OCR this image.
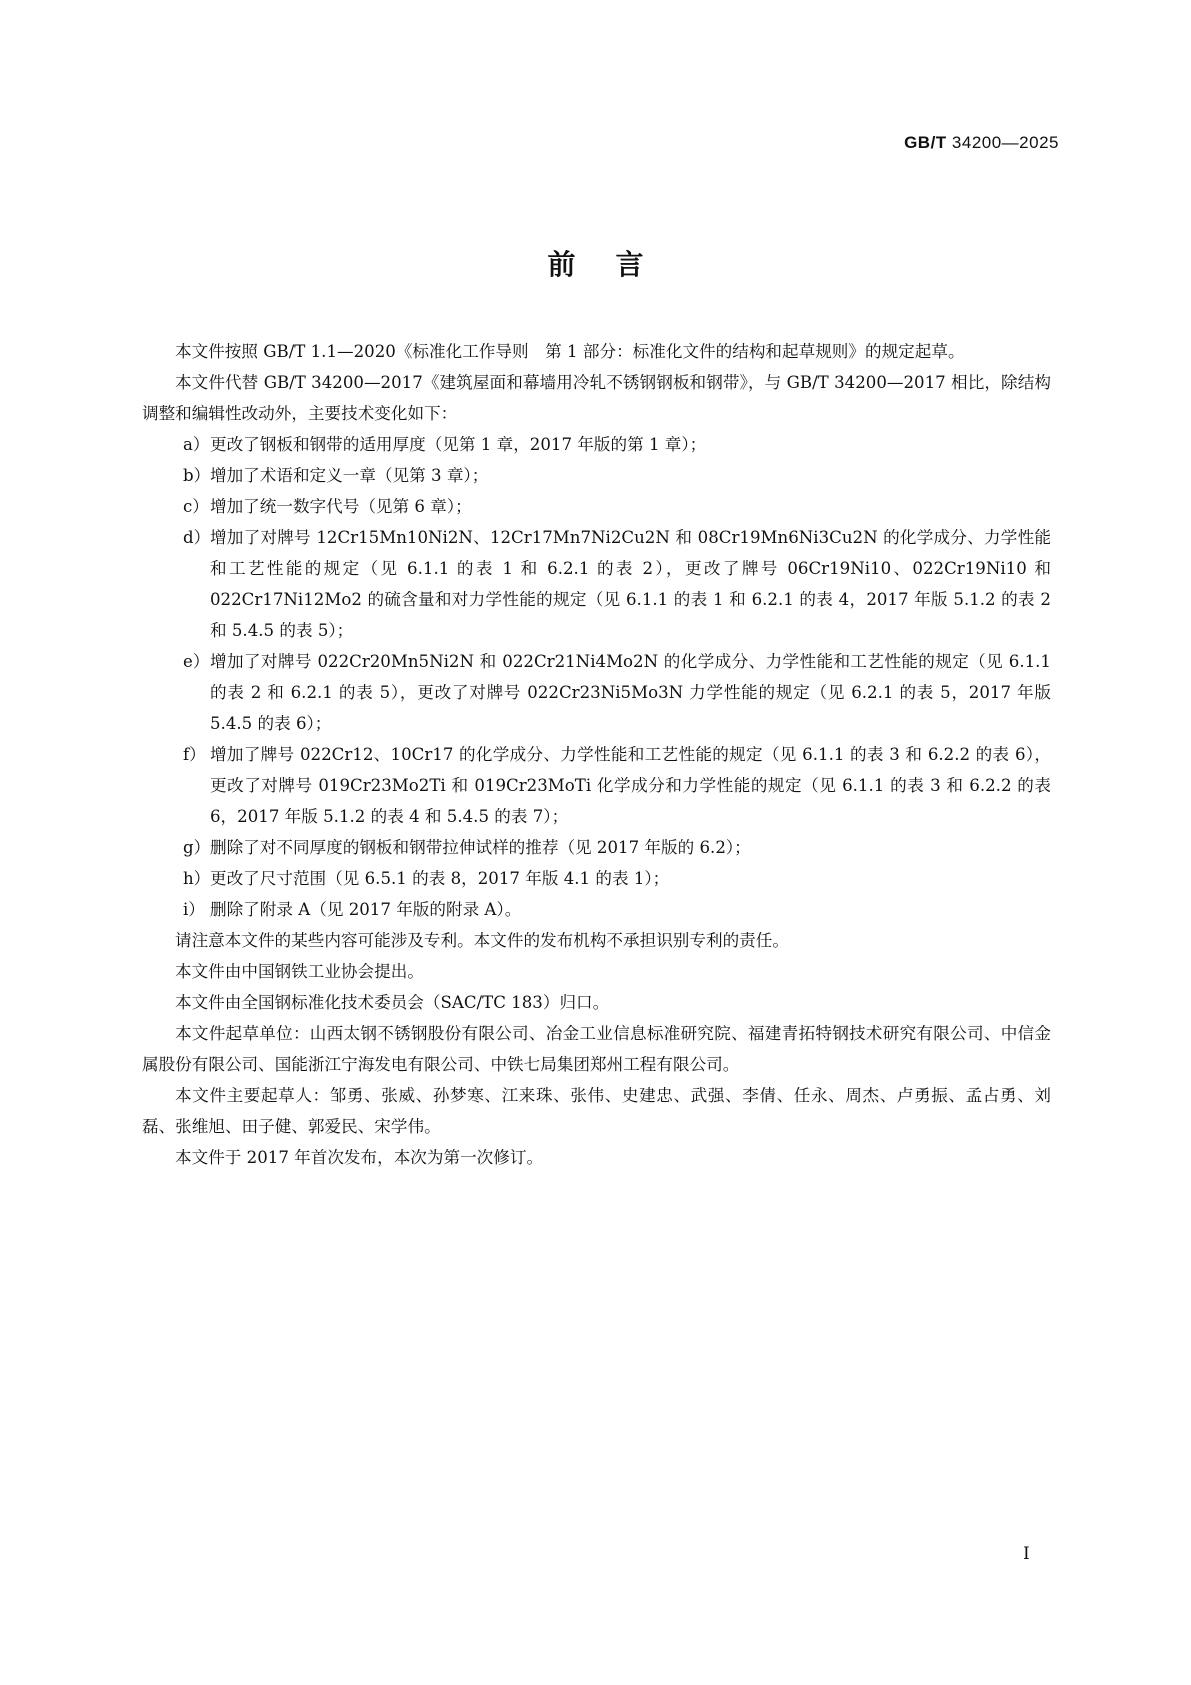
GB/T 34200—2025
前言

本文件按照 GB/T 1.1—2020《标准化工作导则　第 1 部分：标准化文件的结构和起草规则》的规定起草。

本文件代替 GB/T 34200—2017《建筑屋面和幕墙用冷轧不锈钢钢板和钢带》，与 GB/T 34200—2017 相比，除结构调整和编辑性改动外，主要技术变化如下：

a） 更改了钢板和钢带的适用厚度（见第 1 章，2017 年版的第 1 章）；
b） 增加了术语和定义一章（见第 3 章）；
c） 增加了统一数字代号（见第 6 章）；
d） 增加了对牌号 12Cr15Mn10Ni2N、12Cr17Mn7Ni2Cu2N 和 08Cr19Mn6Ni3Cu2N 的化学成分、力学性能和工艺性能的规定（见 6.1.1 的表 1 和 6.2.1 的表 2），更改了牌号 06Cr19Ni10、022Cr19Ni10 和 022Cr17Ni12Mo2 的硫含量和对力学性能的规定（见 6.1.1 的表 1 和 6.2.1 的表 4，2017 年版 5.1.2 的表 2 和 5.4.5 的表 5）；
e） 增加了对牌号 022Cr20Mn5Ni2N 和 022Cr21Ni4Mo2N 的化学成分、力学性能和工艺性能的规定（见 6.1.1 的表 2 和 6.2.1 的表 5），更改了对牌号 022Cr23Ni5Mo3N 力学性能的规定（见 6.2.1 的表 5，2017 年版 5.4.5 的表 6）；
f） 增加了牌号 022Cr12、10Cr17 的化学成分、力学性能和工艺性能的规定（见 6.1.1 的表 3 和 6.2.2 的表 6），更改了对牌号 019Cr23Mo2Ti 和 019Cr23MoTi 化学成分和力学性能的规定（见 6.1.1 的表 3 和 6.2.2 的表 6，2017 年版 5.1.2 的表 4 和 5.4.5 的表 7）；
g） 删除了对不同厚度的钢板和钢带拉伸试样的推荐（见 2017 年版的 6.2）；
h） 更改了尺寸范围（见 6.5.1 的表 8，2017 年版 4.1 的表 1）；
i） 删除了附录 A（见 2017 年版的附录 A）。

请注意本文件的某些内容可能涉及专利。本文件的发布机构不承担识别专利的责任。

本文件由中国钢铁工业协会提出。

本文件由全国钢标准化技术委员会（SAC/TC 183）归口。

本文件起草单位：山西太钢不锈钢股份有限公司、冶金工业信息标准研究院、福建青拓特钢技术研究有限公司、中信金属股份有限公司、国能浙江宁海发电有限公司、中铁七局集团郑州工程有限公司。

本文件主要起草人：邹勇、张威、孙梦寒、江来珠、张伟、史建忠、武强、李倩、任永、周杰、卢勇振、孟占勇、刘磊、张维旭、田子健、郭爱民、宋学伟。

本文件于 2017 年首次发布，本次为第一次修订。

I
